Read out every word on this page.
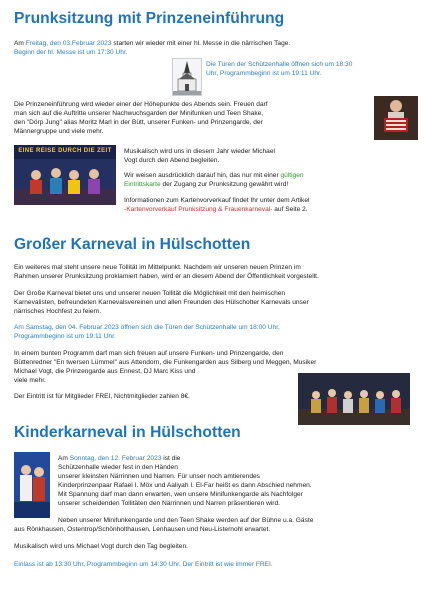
Prunksitzung mit Prinzeneinführung

Am Freitag, den 03.Februar 2023 starten wir wieder mit einer hl. Messe in die närrischen Tage.

Beginn der hl. Messe ist um 17:30 Uhr.

Die Türen der Schützenhalle öffnen sich um 18:30

Uhr, Programmbeginn ist um 19:11 Uhr.

Die Prinzeneinführung wird wieder einer der Höhepunkte des Abends sein. Freuen darf

man sich auf die Auftritte unserer Nachwuchsgarden der Minifunken und Teen Shake,

den "Dörp Jung" alias Moritz Marl in der Bütt, unserer Funken- und Prinzengarde, der

Männergruppe und viele mehr.

EINE REISE DURCH DIE ZEIT	Musikalisch wird uns in diesem Jahr wieder Michael

Vogt durch den Abend begleiten.

Wir weisen ausdrücklich darauf hin, das nur mit einer gültigen

Eintrittskarte der Zugang zur Prunksitzung gewährt wird!

Informationen zum Kartenvorverkauf findet Ihr unter dem Artikel

-Kartenvorverkauf Prunksitzung & Frauenkarneval- auf Seite 2.

Großer Karneval in Hülschotten

Ein weiteres mal steht unsere neue Tollität im Mittelpunkt. Nachdem wir unseren neuen Prinzen im

Rahmen unserer Prunksitzung proklamiert haben, wird er an diesem Abend der Öffentlichkeit vorgestellt.

Der Große Karneval bietet uns und unserer neuen Tollität die Möglichkeit mit den heimischen

Karnevalisten, befreundeten Karnevalsvereinen und allen Freunden des Hülschotter Karnevals unser

närrisches Hochfest zu feiern.

Am Samstag, den 04. Februar 2023 öffnen sich die Türen der Schützenhalle um 18:00 Uhr,

Programmbeginn ist um 19:11 Uhr.

In einem bunten Programm darf man sich freuen auf unsere Funken- und Prinzengarde, den

Büttenredner "En twersen Lümmel" aus Attendorn, die Funkengarden aus Silberg und Meggen, Musiker

Michael Vogt, die Prinzengarde aus Ennest, DJ Marc Kiss und

viele mehr.

Der Eintritt ist für Mitglieder FREI, Nichtmitglieder zahlen 8€.

Kinderkarneval in Hülschotten

Am Sonntag, den 12. Februar 2023 ist die

Schützenhalle wieder fest in den Händen

unserer kleinsten Närrinnen und Narren. Für unser noch amtierendes

Kinderprinzenpaar Rafael I. Möx und Aaliyah I. El-Far heißt es dann Abschied nehmen.

Mit Spannung darf man dann erwarten, wen unsere Minifunkengarde als Nachfolger

unserer scheidenden Tollitäten den Närrinnen und Narren präsentieren wird.

Neben unserer Minifunkengarde und den Teen Shake werden auf der Bühne u.a. Gäste

aus Rönkhausen, Ostentrop/Schönholthausen, Lenhausen und Neu-Listernohl erwartet.

Musikalisch wird uns Michael Vogt durch den Tag begleiten.

Einlass ist ab 13:30 Uhr, Programmbeginn um 14:30 Uhr. Der Eintritt ist wie immer FREI.
